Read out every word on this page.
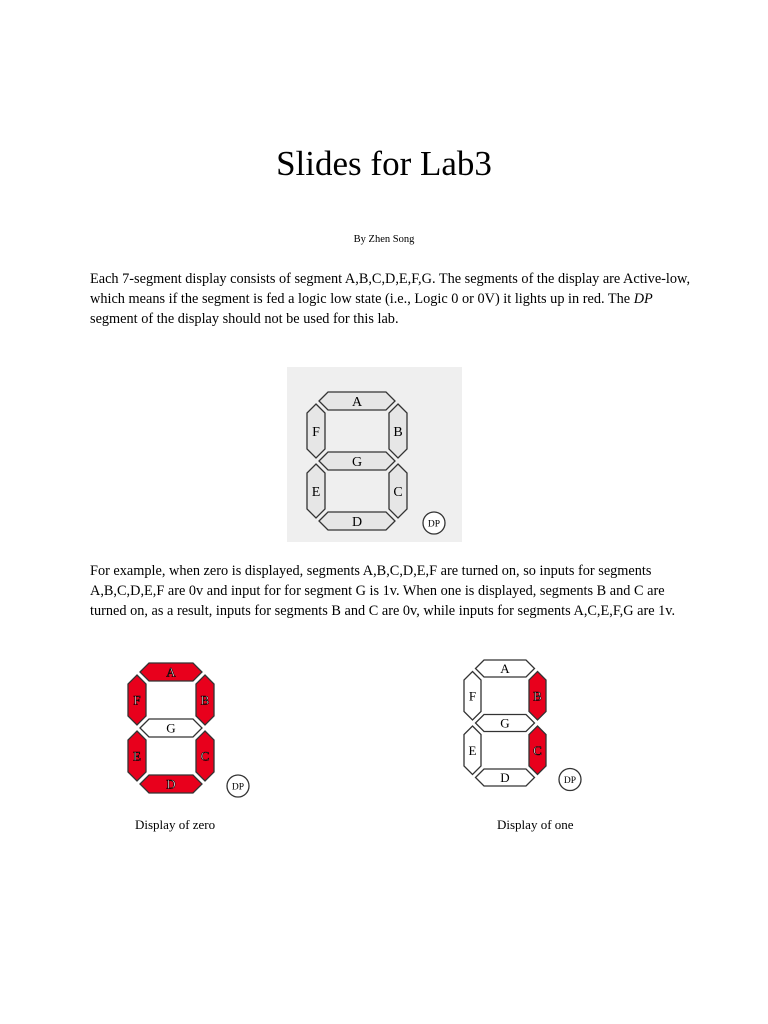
Slides for Lab3
By Zhen Song

Each 7-segment display consists of segment A,B,C,D,E,F,G. The segments of the display are Active-low, which means if the segment is fed a logic low state (i.e., Logic 0 or 0V) it lights up in red. The DP segment of the display should not be used for this lab.

A
B
C
D
E
F
G
DP

For example, when zero is displayed, segments A,B,C,D,E,F are turned on, so inputs for segments A,B,C,D,E,F are 0v and input for for segment G is 1v. When one is displayed, segments B and C are turned on, as a result, inputs for segments B and C are 0v, while inputs for segments A,C,E,F,G are 1v.

A
B
C
D
E
F
G
DP
A
B
C
D
E
F
G
DP
Display of zero	Display of one
